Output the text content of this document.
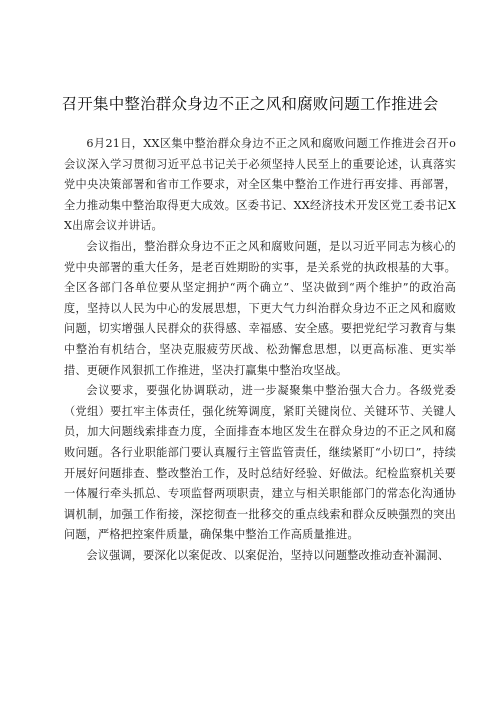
召开集中整治群众身边不正之风和腐败问题工作推进会

6月21日，XX区集中整治群众身边不正之风和腐败问题工作推进会召开o会议深入学习贯彻习近平总书记关于必须坚持人民至上的重要论述，认真落实党中央决策部署和省市工作要求，对全区集中整治工作进行再安排、再部署，全力推动集中整治取得更大成效。区委书记、XX经济技术开发区党工委书记XX出席会议并讲话。

会议指出，整治群众身边不正之风和腐败问题，是以习近平同志为核心的党中央部署的重大任务，是老百姓期盼的实事，是关系党的执政根基的大事。全区各部门各单位要从坚定拥护“两个确立”、坚决做到“两个维护”的政治高度，坚持以人民为中心的发展思想，下更大气力纠治群众身边不正之风和腐败问题，切实增强人民群众的获得感、幸福感、安全感。要把党纪学习教育与集中整治有机结合，坚决克服疲劳厌战、松劲懈怠思想，以更高标准、更实举措、更硬作风狠抓工作推进，坚决打赢集中整治攻坚战。

会议要求，要强化协调联动，进一步凝聚集中整治强大合力。各级党委（党组）要扛牢主体责任，强化统筹调度，紧盯关键岗位、关键环节、关键人员，加大问题线索排查力度，全面排查本地区发生在群众身边的不正之风和腐败问题。各行业职能部门要认真履行主管监管责任，继续紧盯“小切口”，持续开展好问题排查、整改整治工作，及时总结好经验、好做法。纪检监察机关要一体履行牵头抓总、专项监督两项职责，建立与相关职能部门的常态化沟通协调机制，加强工作衔接，深挖彻查一批移交的重点线索和群众反映强烈的突出问题，严格把控案件质量，确保集中整治工作高质量推进。

会议强调，要深化以案促改、以案促治，坚持以问题整改推动查补漏洞、
